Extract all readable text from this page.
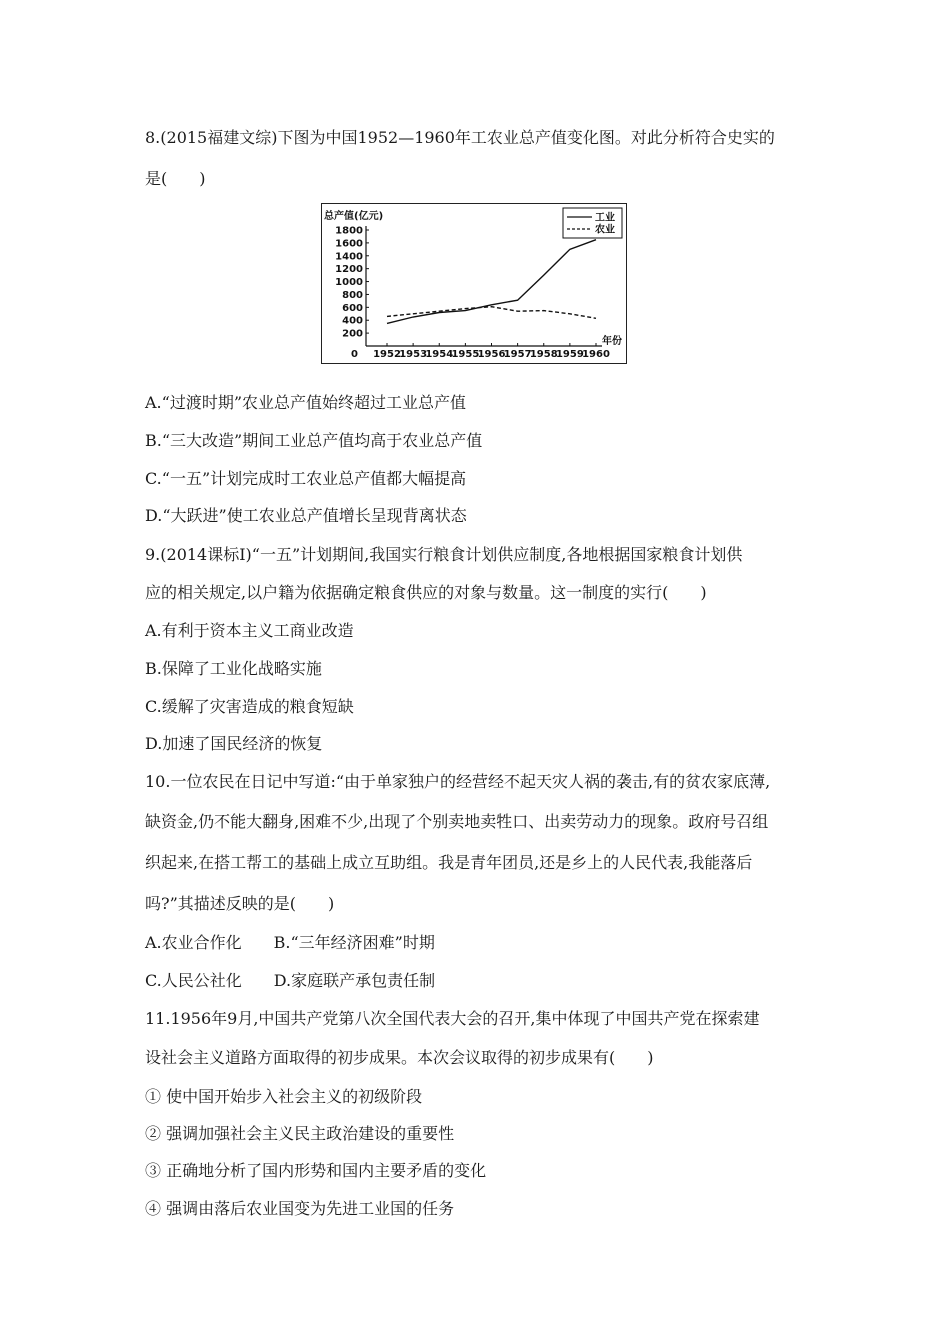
8.(2015福建文综)下图为中国1952—1960年工农业总产值变化图。对此分析符合史实的
是(　　)
0
200
400
600
800
1000
1200
1400
1600
1800
1952
1953
1954
1955
1956
1957
1958
1959
1960
总产值(亿元)
年份
工业
农业
A.“过渡时期”农业总产值始终超过工业总产值
B.“三大改造”期间工业总产值均高于农业总产值
C.“一五”计划完成时工农业总产值都大幅提高
D.“大跃进”使工农业总产值增长呈现背离状态
9.(2014课标Ⅰ)“一五”计划期间,我国实行粮食计划供应制度,各地根据国家粮食计划供
应的相关规定,以户籍为依据确定粮食供应的对象与数量。这一制度的实行(　　)
A.有利于资本主义工商业改造
B.保障了工业化战略实施
C.缓解了灾害造成的粮食短缺
D.加速了国民经济的恢复
10.一位农民在日记中写道:“由于单家独户的经营经不起天灾人祸的袭击,有的贫农家底薄,
缺资金,仍不能大翻身,困难不少,出现了个别卖地卖牲口、出卖劳动力的现象。政府号召组
织起来,在搭工帮工的基础上成立互助组。我是青年团员,还是乡上的人民代表,我能落后
吗?”其描述反映的是(　　)
A.农业合作化　　B.“三年经济困难”时期
C.人民公社化　　D.家庭联产承包责任制
11.1956年9月,中国共产党第八次全国代表大会的召开,集中体现了中国共产党在探索建
设社会主义道路方面取得的初步成果。本次会议取得的初步成果有(　　)
① 使中国开始步入社会主义的初级阶段
② 强调加强社会主义民主政治建设的重要性
③ 正确地分析了国内形势和国内主要矛盾的变化
④ 强调由落后农业国变为先进工业国的任务
